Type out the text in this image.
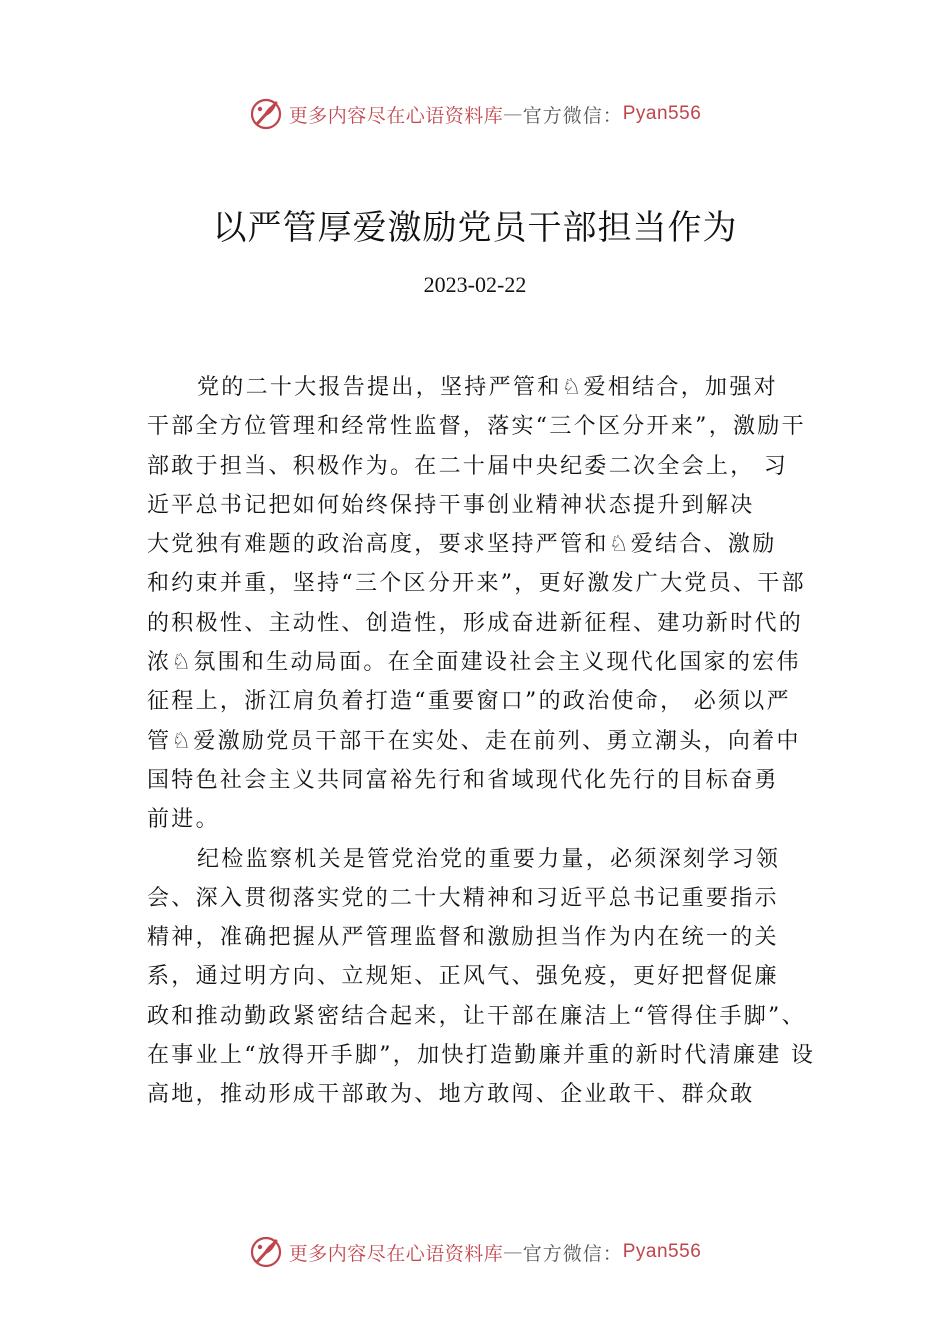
更多内容尽在心语资料库 — 官方微信： Pyan556
以严管厚爱激励党员干部担当作为
2023-02-22
党的二十大报告提出，坚持严管和♘爱相结合，加强对
干部全方位管理和经常性监督，落实“三个区分开来”，激励干
部敢于担当、积极作为。在二十届中央纪委二次全会上， 习
近平总书记把如何始终保持干事创业精神状态提升到解决
大党独有难题的政治高度，要求坚持严管和♘爱结合、激励
和约束并重，坚持“三个区分开来”，更好激发广大党员、干部
的积极性、主动性、创造性，形成奋进新征程、建功新时代的
浓♘氛围和生动局面。在全面建设社会主义现代化国家的宏伟
征程上，浙江肩负着打造“重要窗口”的政治使命， 必须以严
管♘爱激励党员干部干在实处、走在前列、勇立潮头，向着中
国特色社会主义共同富裕先行和省域现代化先行的目标奋勇
前进。
纪检监察机关是管党治党的重要力量，必须深刻学习领
会、深入贯彻落实党的二十大精神和习近平总书记重要指示
精神，准确把握从严管理监督和激励担当作为内在统一的关
系，通过明方向、立规矩、正风气、强免疫，更好把督促廉
政和推动勤政紧密结合起来，让干部在廉洁上“管得住手脚”、
在事业上“放得开手脚”，加快打造勤廉并重的新时代清廉建 设
高地，推动形成干部敢为、地方敢闯、企业敢干、群众敢
更多内容尽在心语资料库 — 官方微信： Pyan556
